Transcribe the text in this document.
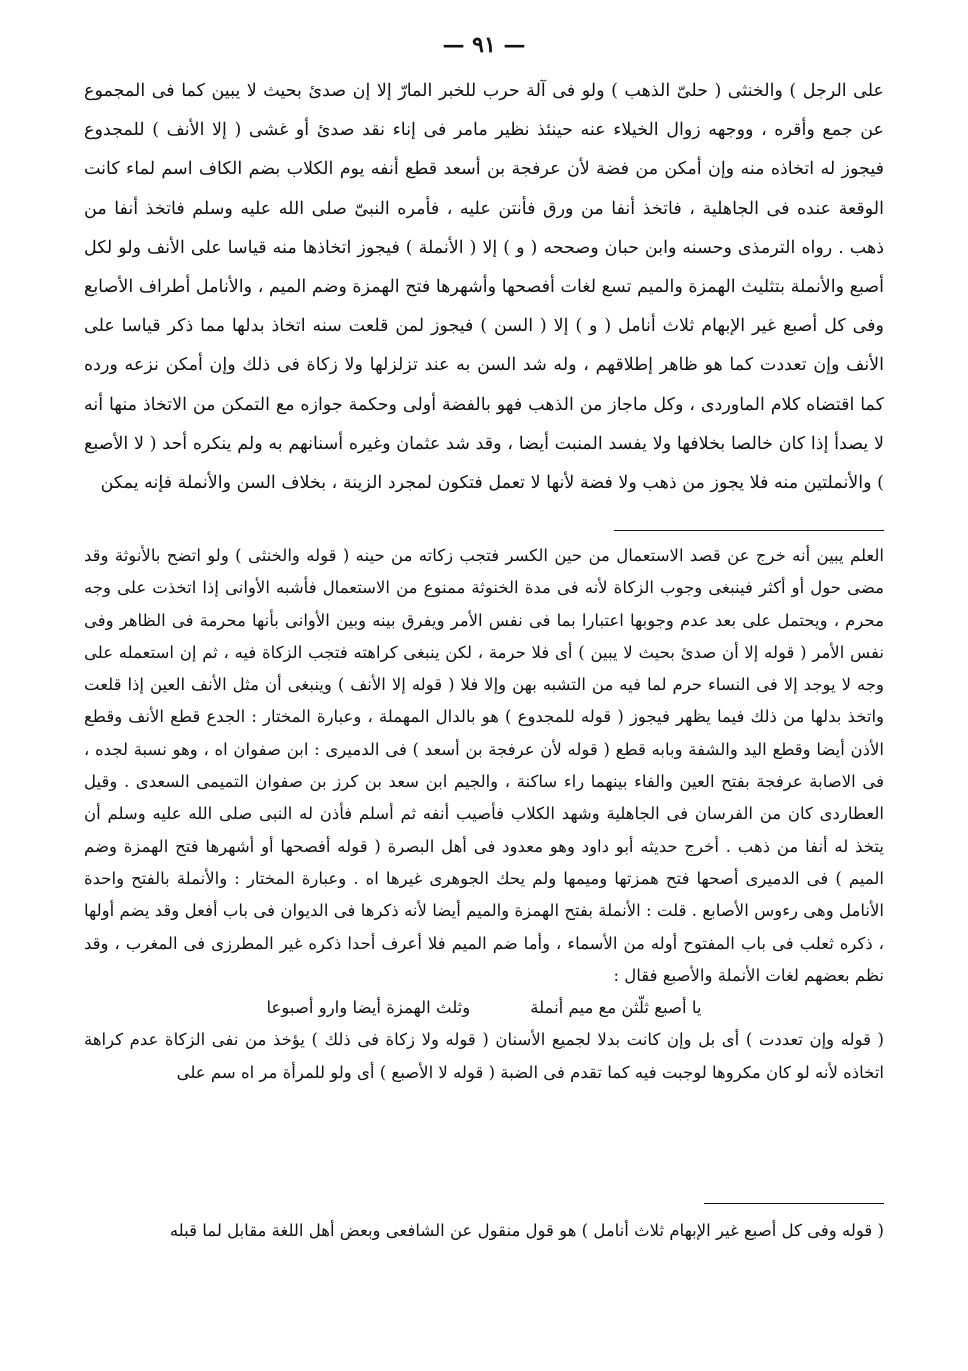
— ٩١ —

على الرجل ) والخنثى ( حلىّ الذهب ) ولو فى آلة حرب للخبر المارّ إلا إن صدئ بحيث لا يبين كما فى المجموع عن جمع وأقره ، ووجهه زوال الخيلاء عنه حينئذ نظير مامر فى إناء نقد صدئ أو غشى ( إلا الأنف ) للمجدوع فيجوز له اتخاذه منه وإن أمكن من فضة لأن عرفجة بن أسعد قطع أنفه يوم الكلاب بضم الكاف اسم لماء كانت الوقعة عنده فى الجاهلية ، فاتخذ أنفا من ورق فأنتن عليه ، فأمره النبىّ صلى الله عليه وسلم فاتخذ أنفا من ذهب . رواه الترمذى وحسنه وابن حبان وصححه ( و ) إلا ( الأنملة ) فيجوز اتخاذها منه قياسا على الأنف ولو لكل أصبع والأنملة بتثليث الهمزة والميم تسع لغات أفصحها وأشهرها فتح الهمزة وضم الميم ، والأنامل أطراف الأصابع وفى كل أصبع غير الإبهام ثلاث أنامل ( و ) إلا ( السن ) فيجوز لمن قلعت سنه اتخاذ بدلها مما ذكر قياسا على الأنف وإن تعددت كما هو ظاهر إطلاقهم ، وله شد السن به عند تزلزلها ولا زكاة فى ذلك وإن أمكن نزعه ورده كما اقتضاه كلام الماوردى ، وكل ماجاز من الذهب فهو بالفضة أولى وحكمة جوازه مع التمكن من الاتخاذ منها أنه لا يصدأ إذا كان خالصا بخلافها ولا يفسد المنبت أيضا ، وقد شد عثمان وغيره أسنانهم به ولم ينكره أحد ( لا الأصبع ) والأنملتين منه فلا يجوز من ذهب ولا فضة لأنها لا تعمل فتكون لمجرد الزينة ، بخلاف السن والأنملة فإنه يمكن

العلم يبين أنه خرج عن قصد الاستعمال من حين الكسر فتجب زكاته من حينه ( قوله والخنثى ) ولو اتضح بالأنوثة وقد مضى حول أو أكثر فينبغى وجوب الزكاة لأنه فى مدة الخنوثة ممنوع من الاستعمال فأشبه الأوانى إذا اتخذت على وجه محرم ، ويحتمل على بعد عدم وجوبها اعتبارا بما فى نفس الأمر ويفرق بينه وبين الأوانى بأنها محرمة فى الظاهر وفى نفس الأمر ( قوله إلا أن صدئ بحيث لا يبين ) أى فلا حرمة ، لكن ينبغى كراهته فتجب الزكاة فيه ، ثم إن استعمله على وجه لا يوجد إلا فى النساء حرم لما فيه من التشبه بهن وإلا فلا ( قوله إلا الأنف ) وينبغى أن مثل الأنف العين إذا قلعت واتخذ بدلها من ذلك فيما يظهر فيجوز ( قوله للمجدوع ) هو بالدال المهملة ، وعبارة المختار : الجدع قطع الأنف وقطع الأذن أيضا وقطع اليد والشفة وبابه قطع ( قوله لأن عرفجة بن أسعد ) فى الدميرى : ابن صفوان اه ، وهو نسبة لجده ، فى الاصابة عرفجة بفتح العين والفاء بينهما راء ساكنة ، والجيم ابن سعد بن كرز بن صفوان التميمى السعدى . وقيل العطاردى كان من الفرسان فى الجاهلية وشهد الكلاب فأصيب أنفه ثم أسلم فأذن له النبى صلى الله عليه وسلم أن يتخذ له أنفا من ذهب . أخرج حديثه أبو داود وهو معدود فى أهل البصرة ( قوله أفصحها أو أشهرها فتح الهمزة وضم الميم ) فى الدميرى أصحها فتح همزتها وميمها ولم يحك الجوهرى غيرها اه . وعبارة المختار : والأنملة بالفتح واحدة الأنامل وهى رءوس الأصابع . قلت : الأنملة بفتح الهمزة والميم أيضا لأنه ذكرها فى الديوان فى باب أفعل وقد يضم أولها ، ذكره ثعلب فى باب المفتوح أوله من الأسماء ، وأما ضم الميم فلا أعرف أحدا ذكره غير المطرزى فى المغرب ، وقد نظم بعضهم لغات الأنملة والأصبع فقال :

يا أصبع ثلّثن مع ميم أنملة
وثلث الهمزة أيضا وارو أصبوعا

( قوله وإن تعددت ) أى بل وإن كانت بدلا لجميع الأسنان ( قوله ولا زكاة فى ذلك ) يؤخذ من نفى الزكاة عدم كراهة اتخاذه لأنه لو كان مكروها لوجبت فيه كما تقدم فى الضبة ( قوله لا الأصبع ) أى ولو للمرأة مر اه سم على

( قوله وفى كل أصبع غير الإبهام ثلاث أنامل ) هو قول منقول عن الشافعى وبعض أهل اللغة مقابل لما قبله
